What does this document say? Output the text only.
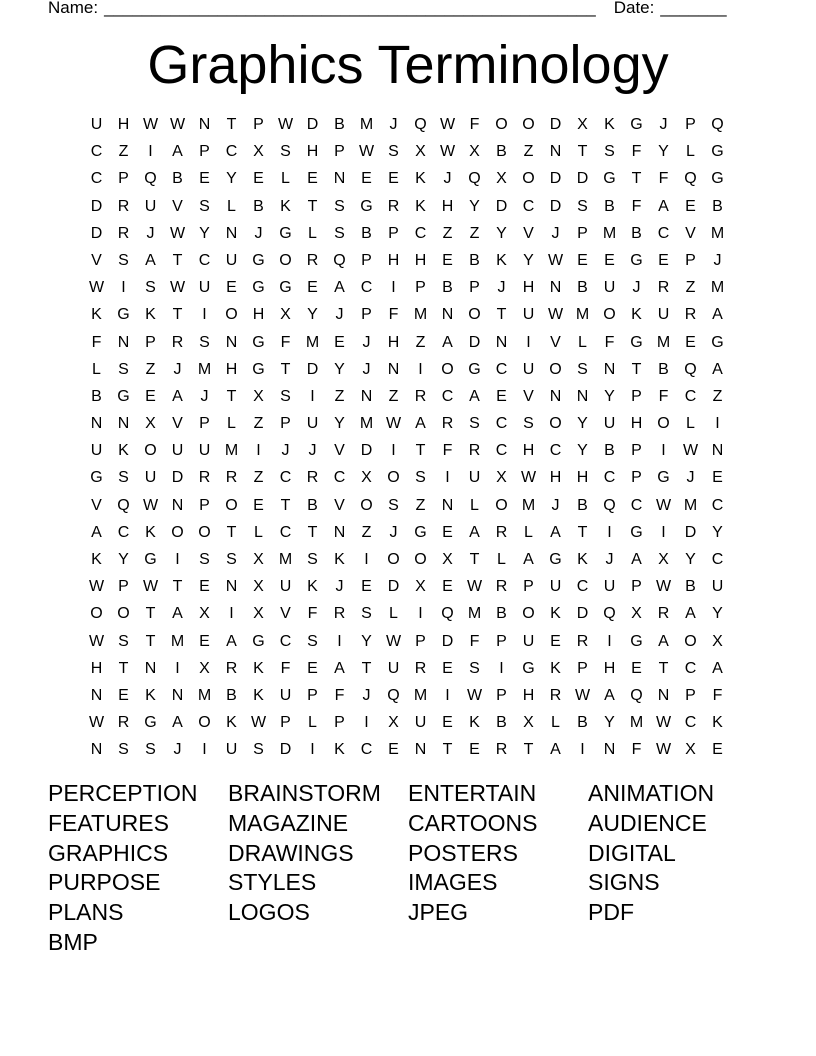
Name: ____________________________________________________ Date: _______
Graphics Terminology
U H W W N	T	P W D B M	J	Q W F O O D X	K G	J	P Q
C	Z	I	A	P C X	S H P W S	X W X	B	Z	N	T	S	F	Y	L	G
C P Q B	E	Y	E	L	E N E	E	K	J	Q X O D D G T	F Q G
D R U V	S	L	B	K	T	S G R K H Y D C D S	B	F	A	E	B
D R	J W Y N	J	G	L	S	B	P C	Z	Z	Y	V	J	P M B C V M
V	S	A	T	C U G O R Q P H H E	B	K	Y W E	E G E	P	J
W	I	S W U E G G E	A C	I	P	B	P	J	H N B U	J	R	Z M
K G K	T	I	O H X	Y	J	P	F M N O T	U W M O K U R A
F	N P R S N G F M E	J	H	Z	A D N	I	V	L	F G M E G
L	S	Z	J	M H G T	D Y	J	N	I	O G C U O S N	T	B Q A
B G E	A	J	T	X	S	I	Z	N	Z	R C A	E	V N N Y	P	F	C	Z
N N X	V	P	L	Z	P U Y M W A R S C S O Y U H O	L	I
U K O U U M	I	J	J	V D	I	T	F	R C H C Y	B	P	I	W N
G S U D R R	Z	C R C X O S	I	U X W H H C P G	J	E
V Q W N P O E	T	B	V O S	Z	N	L	O M	J	B Q C W M C
A C K O O T	L	C	T	N	Z	J	G E	A R	L	A	T	I	G	I	D Y
K	Y G	I	S	S	X M S	K	I	O O X	T	L	A G K	J	A	X	Y C
W P W T	E N X U K	J	E D X	E W R P U C U P W B U
O O T	A	X	I	X	V	F	R S	L	I	Q M B O K D Q X R A	Y
W S	T M E	A G C S	I	Y W P D	F	P U E R	I	G A O X
H	T	N	I	X R K	F	E	A	T	U R E	S	I	G K	P H E	T	C A
N E	K N M B	K U P	F	J	Q M	I	W P H R W A Q N P	F
W R G A O K W P	L	P	I	X U E	K	B	X	L	B	Y M W C K
N S	S	J	I	U S D	I	K C E N	T	E R	T	A	I	N	F W X	E
PERCEPTION	BRAINSTORM	ENTERTAIN	ANIMATION
FEATURES	MAGAZINE	CARTOONS	AUDIENCE
GRAPHICS	DRAWINGS	POSTERS	DIGITAL
PURPOSE	STYLES	IMAGES	SIGNS
PLANS	LOGOS	JPEG	PDF
BMP
